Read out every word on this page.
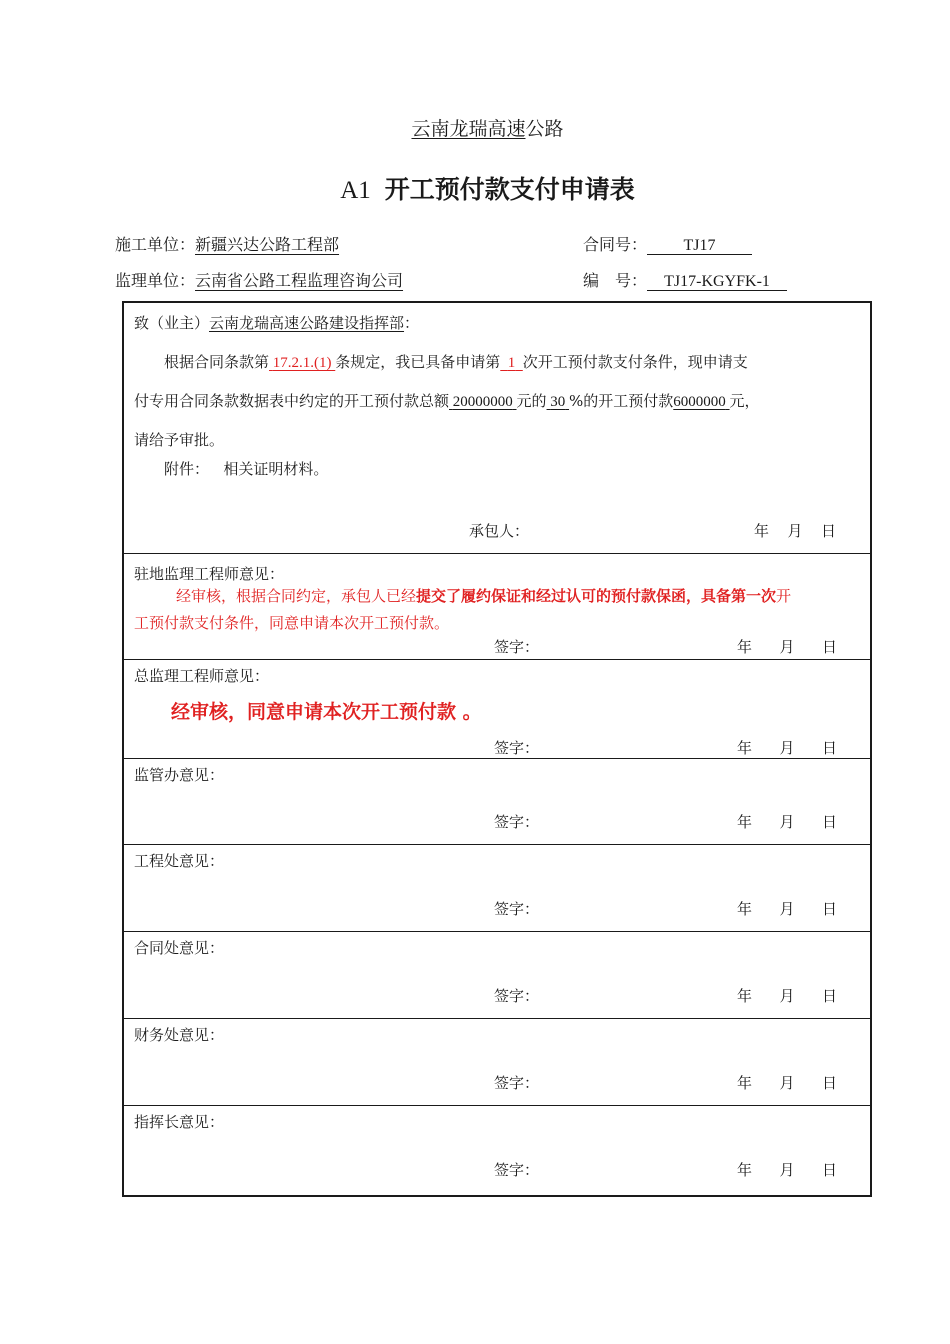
云南龙瑞高速公路
A1 开工预付款支付申请表
施工单位：新疆兴达公路工程部	合同号： TJ17
监理单位：云南省公路工程监理咨询公司	编　号： TJ17-KGYFK-1
致（业主）云南龙瑞高速公路建设指挥部：
根据合同条款第 17.2.1.(1) 条规定，我已具备申请第 1 次开工预付款支付条件，现申请支
付专用合同条款数据表中约定的开工预付款总额 20000000 元的 30 %的开工预付款6000000 元，
请给予审批。
附件： 相关证明材料。
承包人：	年 月 日
驻地监理工程师意见：
经审核，根据合同约定，承包人已经提交了履约保证和经过认可的预付款保函，具备第一次开
工预付款支付条件，同意申请本次开工预付款。
签字：	年 月 日
总监理工程师意见：
经审核，同意申请本次开工预付款 。
签字：	年 月 日
监管办意见：
签字：	年 月 日
工程处意见：
签字：	年 月 日
合同处意见：
签字：	年 月 日
财务处意见：
签字：	年 月 日
指挥长意见：
签字：	年 月 日
